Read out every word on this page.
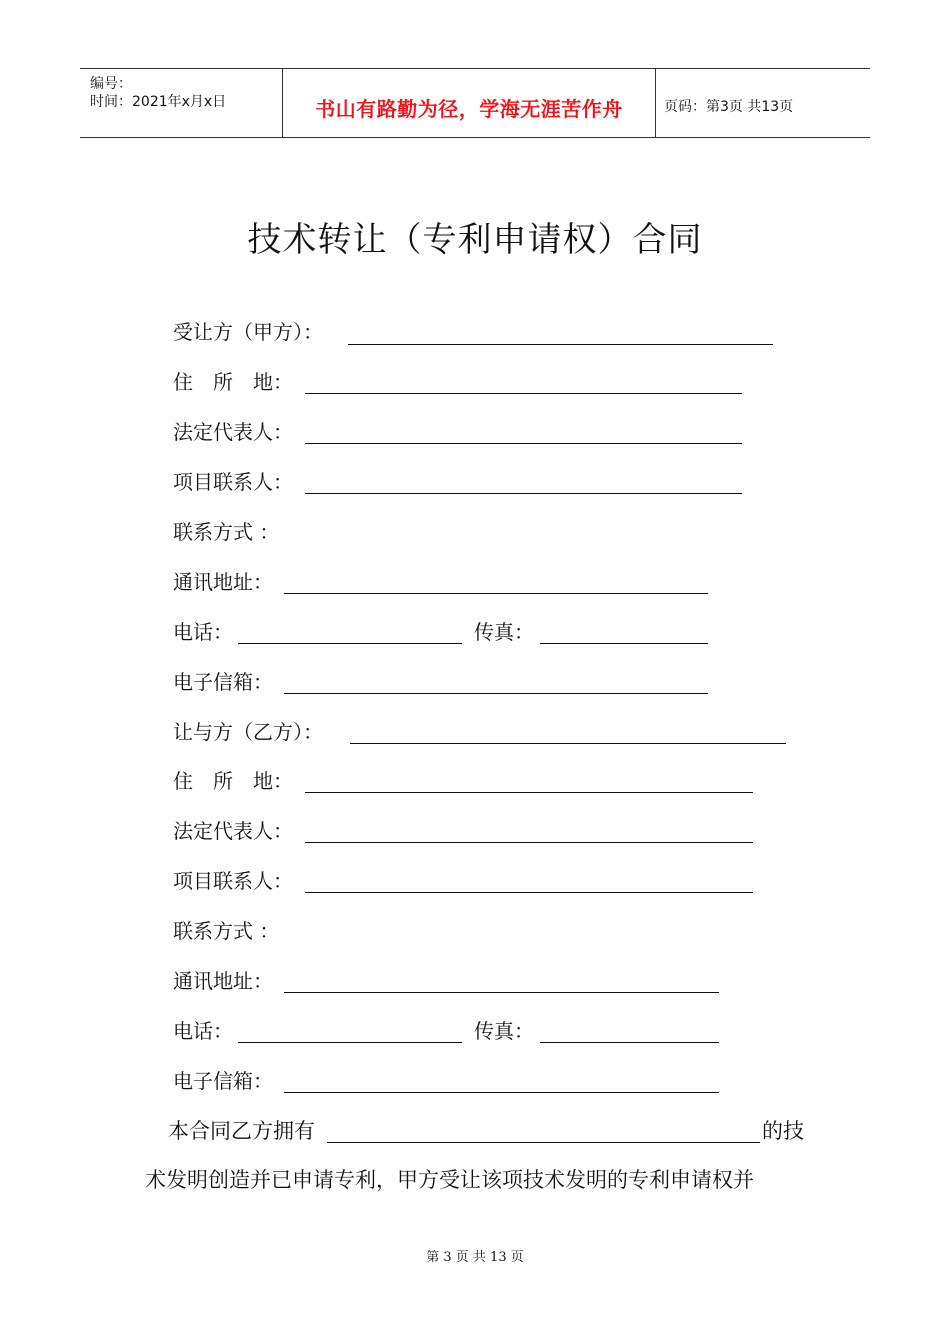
编号：
时间：2021年x月x日	书山有路勤为径，学海无涯苦作舟	页码：第3页 共13页
技术转让（专利申请权）合同
受让方（甲方）：
住　所　地：
法定代表人：
项目联系人：
联系方式 ：
通讯地址：
电话：	传真：
电子信箱：
让与方（乙方）：
住　所　地：
法定代表人：
项目联系人：
联系方式 ：
通讯地址：
电话：	传真：
电子信箱：
本合同乙方拥有	的技
术发明创造并已申请专利，甲方受让该项技术发明的专利申请权并
第 3 页 共 13 页
